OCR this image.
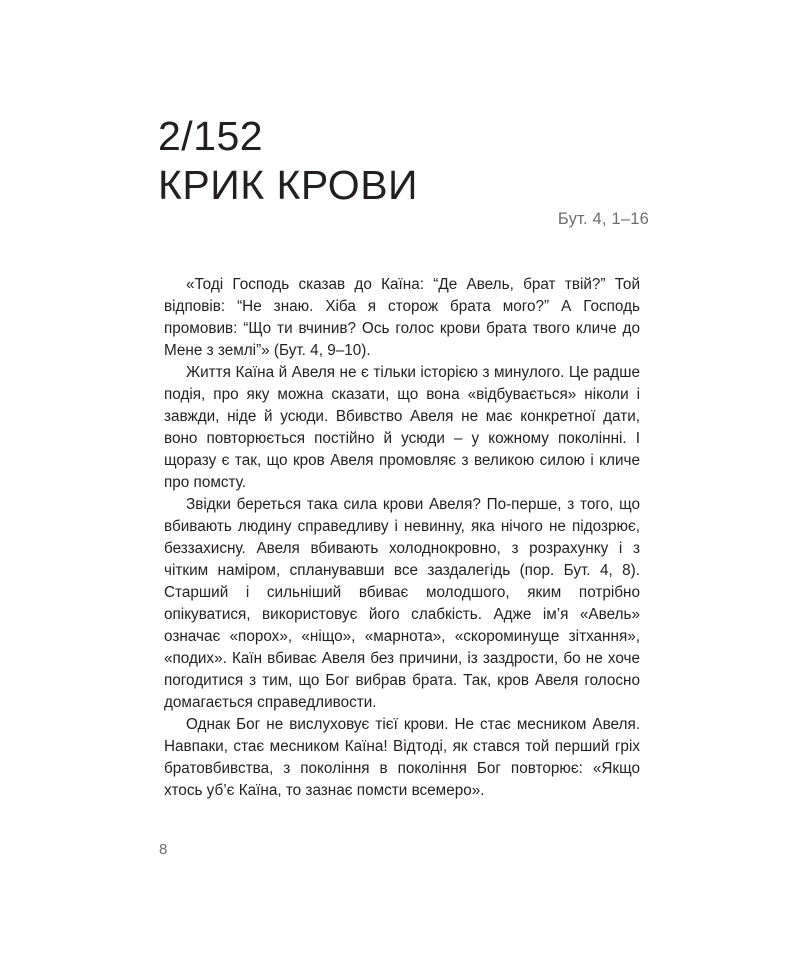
2/152
КРИК КРОВИ
Бут. 4, 1–16

«Тоді Господь сказав до Каїна: “Де Авель, брат твій?” Той відповів: “Не знаю. Хіба я сторож брата мого?” А Господь промовив: “Що ти вчинив? Ось голос крови брата твого кличе до Мене з землі”» (Бут. 4, 9–10).

Життя Каїна й Авеля не є тільки історією з минулого. Це радше подія, про яку можна сказати, що вона «відбувається» ніколи і завжди, ніде й усюди. Вбивство Авеля не має конкретної дати, воно повторюється постійно й усюди – у кожному поколінні. І щоразу є так, що кров Авеля промовляє з великою силою і кличе про помсту.

Звідки береться така сила крови Авеля? По-перше, з того, що вбивають людину справедливу і невинну, яка нічого не підозрює, беззахисну. Авеля вбивають холоднокровно, з розрахунку і з чітким наміром, спланувавши все заздалегідь (пор. Бут. 4, 8). Старший і сильніший вбиває молодшого, яким потрібно опікуватися, використовує його слабкість. Адже ім’я «Авель» означає «порох», «ніщо», «марнота», «скороминуще зітхання», «подих». Каїн вбиває Авеля без причини, із заздрости, бо не хоче погодитися з тим, що Бог вибрав брата. Так, кров Авеля голосно домагається справедливости.

Однак Бог не вислуховує тієї крови. Не стає месником Авеля. Навпаки, стає месником Каїна! Відтоді, як стався той перший гріх братовбивства, з покоління в покоління Бог повторює: «Якщо хтось уб’є Каїна, то зазнає помсти всемеро».

8
